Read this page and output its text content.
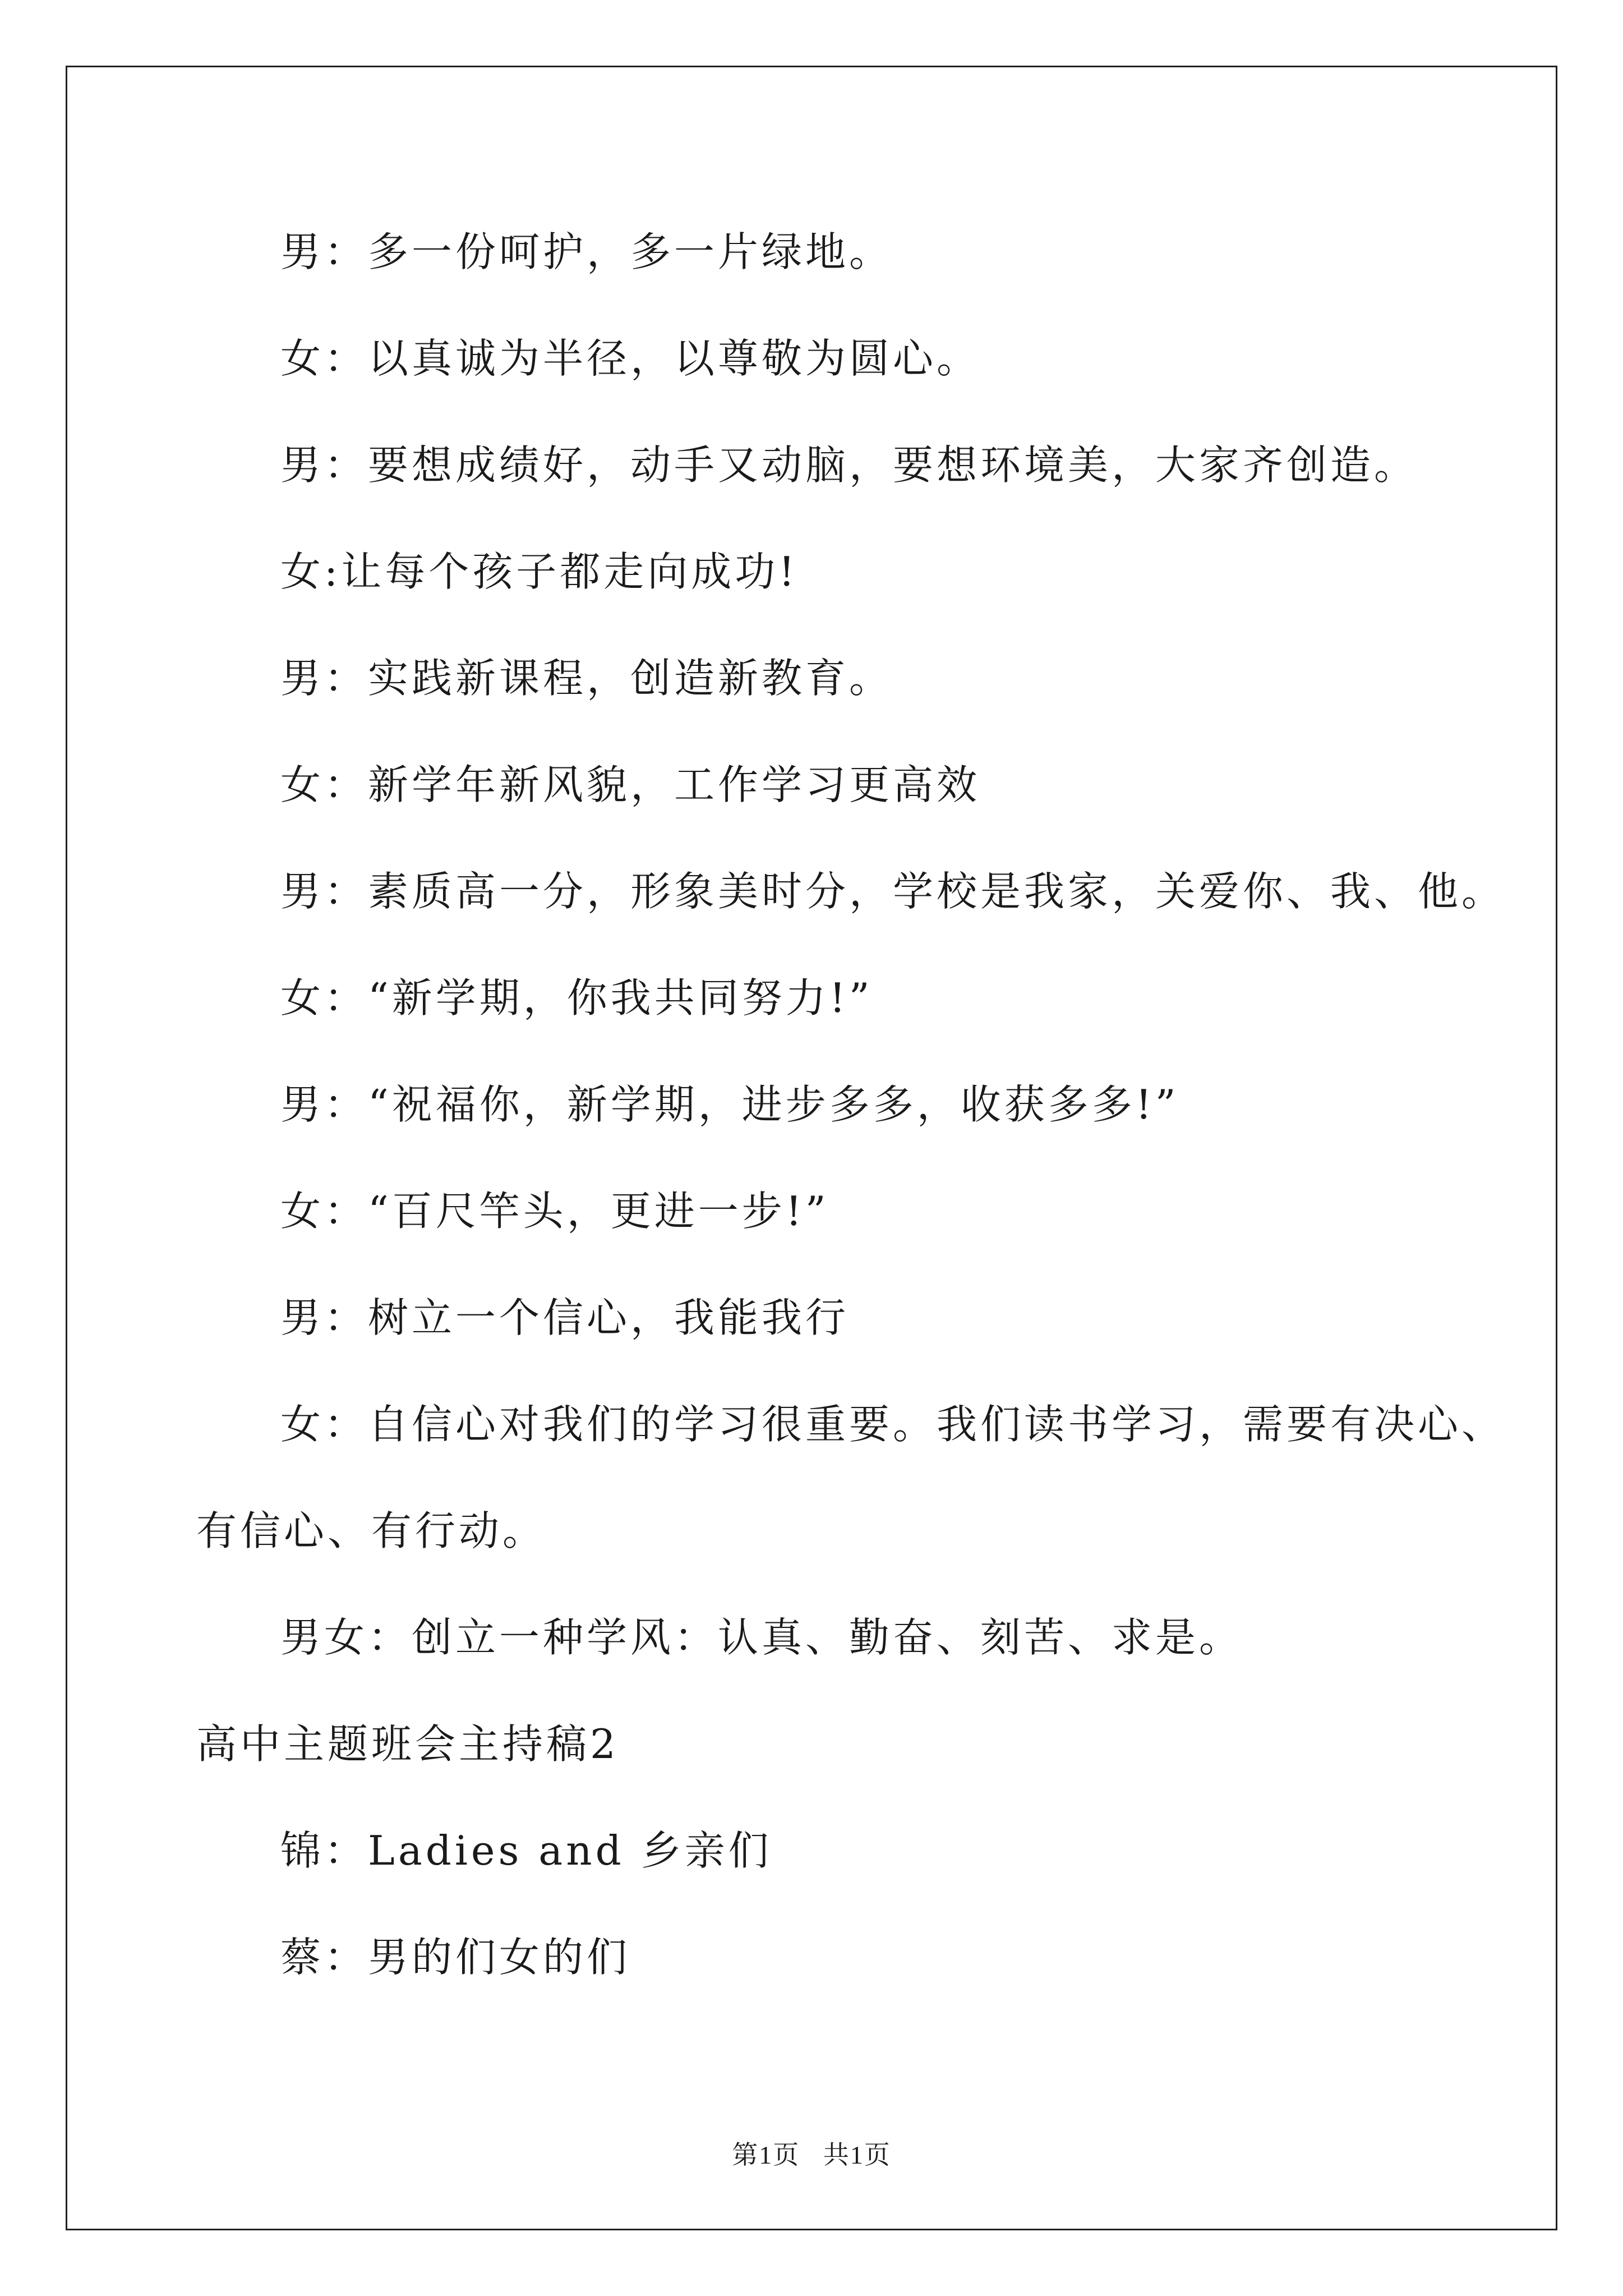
男：多一份呵护，多一片绿地。
女：以真诚为半径，以尊敬为圆心。
男：要想成绩好，动手又动脑，要想环境美，大家齐创造。
女:让每个孩子都走向成功!
男：实践新课程，创造新教育。
女：新学年新风貌，工作学习更高效
男：素质高一分，形象美时分，学校是我家，关爱你、我、他。
女：“新学期，你我共同努力!”
男：“祝福你，新学期，进步多多，收获多多!”
女：“百尺竿头，更进一步!”
男：树立一个信心，我能我行
女：自信心对我们的学习很重要。我们读书学习，需要有决心、
有信心、有行动。
男女：创立一种学风：认真、勤奋、刻苦、求是。
高中主题班会主持稿2
锦：Ladies and 乡亲们
蔡：男的们女的们
第1页 共1页
